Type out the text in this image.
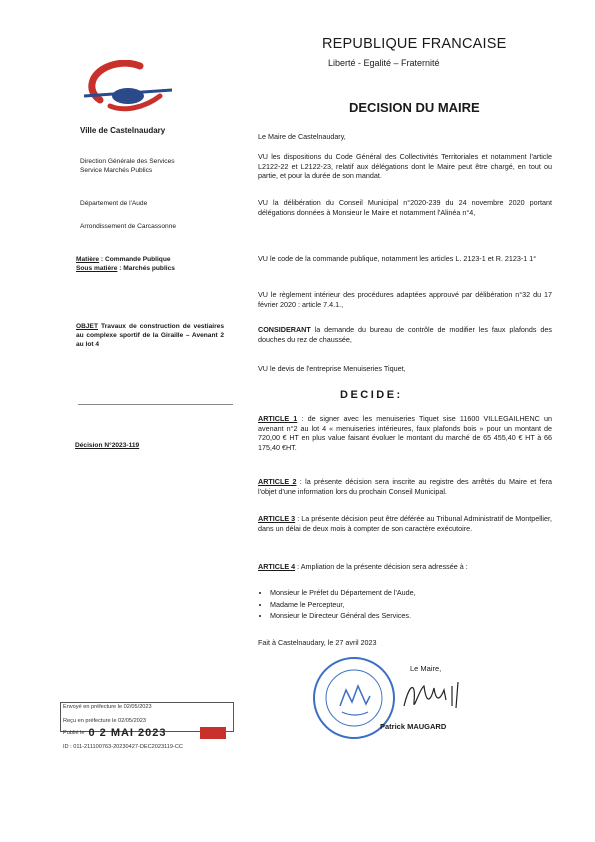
REPUBLIQUE FRANCAISE
Liberté - Egalité – Fraternité
DECISION DU MAIRE
Ville de Castelnaudary
Direction Générale des Services
Service Marchés Publics
Département de l'Aude
Arrondissement de Carcassonne
Matière : Commande Publique
Sous matière : Marchés publics
OBJET Travaux de construction de vestiaires au complexe sportif de la Giraille – Avenant 2 au lot 4
Décision N°2023-119
Le Maire de Castelnaudary,
VU les dispositions du Code Général des Collectivités Territoriales et notamment l'article L2122-22 et L2122-23, relatif aux délégations dont le Maire peut être chargé, en tout ou partie, et pour la durée de son mandat.
VU la délibération du Conseil Municipal n°2020-239 du 24 novembre 2020 portant délégations données à Monsieur le Maire et notamment l'Alinéa n°4,
VU le code de la commande publique, notamment les articles L. 2123-1 et R. 2123-1 1°
VU le règlement intérieur des procédures adaptées approuvé par délibération n°32 du 17 février 2020 : article 7.4.1.,
CONSIDERANT la demande du bureau de contrôle de modifier les faux plafonds des douches du rez de chaussée,
VU le devis de l'entreprise Menuiseries Tiquet,
DECIDE:
ARTICLE 1 : de signer avec les menuiseries Tiquet sise 11600 VILLEGAILHENC un avenant n°2 au lot 4 « menuiseries intérieures, faux plafonds bois » pour un montant de 720,00 € HT en plus value faisant évoluer le montant du marché de 65 455,40 € HT à 66 175,40 €HT.
ARTICLE 2 : la présente décision sera inscrite au registre des arrêtés du Maire et fera l'objet d'une information lors du prochain Conseil Municipal.
ARTICLE 3 : La présente décision peut être déférée au Tribunal Administratif de Montpellier, dans un délai de deux mois à compter de son caractère exécutoire.
ARTICLE 4 : Ampliation de la présente décision sera adressée à :
• Monsieur le Préfet du Département de l'Aude,
• Madame le Percepteur,
• Monsieur le Directeur Général des Services.
Fait à Castelnaudary, le 27 avril 2023
Le Maire,
Patrick MAUGARD
Envoyé en préfecture le 02/05/2023
Reçu en préfecture le 02/05/2023
Publié le 0 2 MAI 2023
ID : 011-211100763-20230427-DEC2023119-CC
